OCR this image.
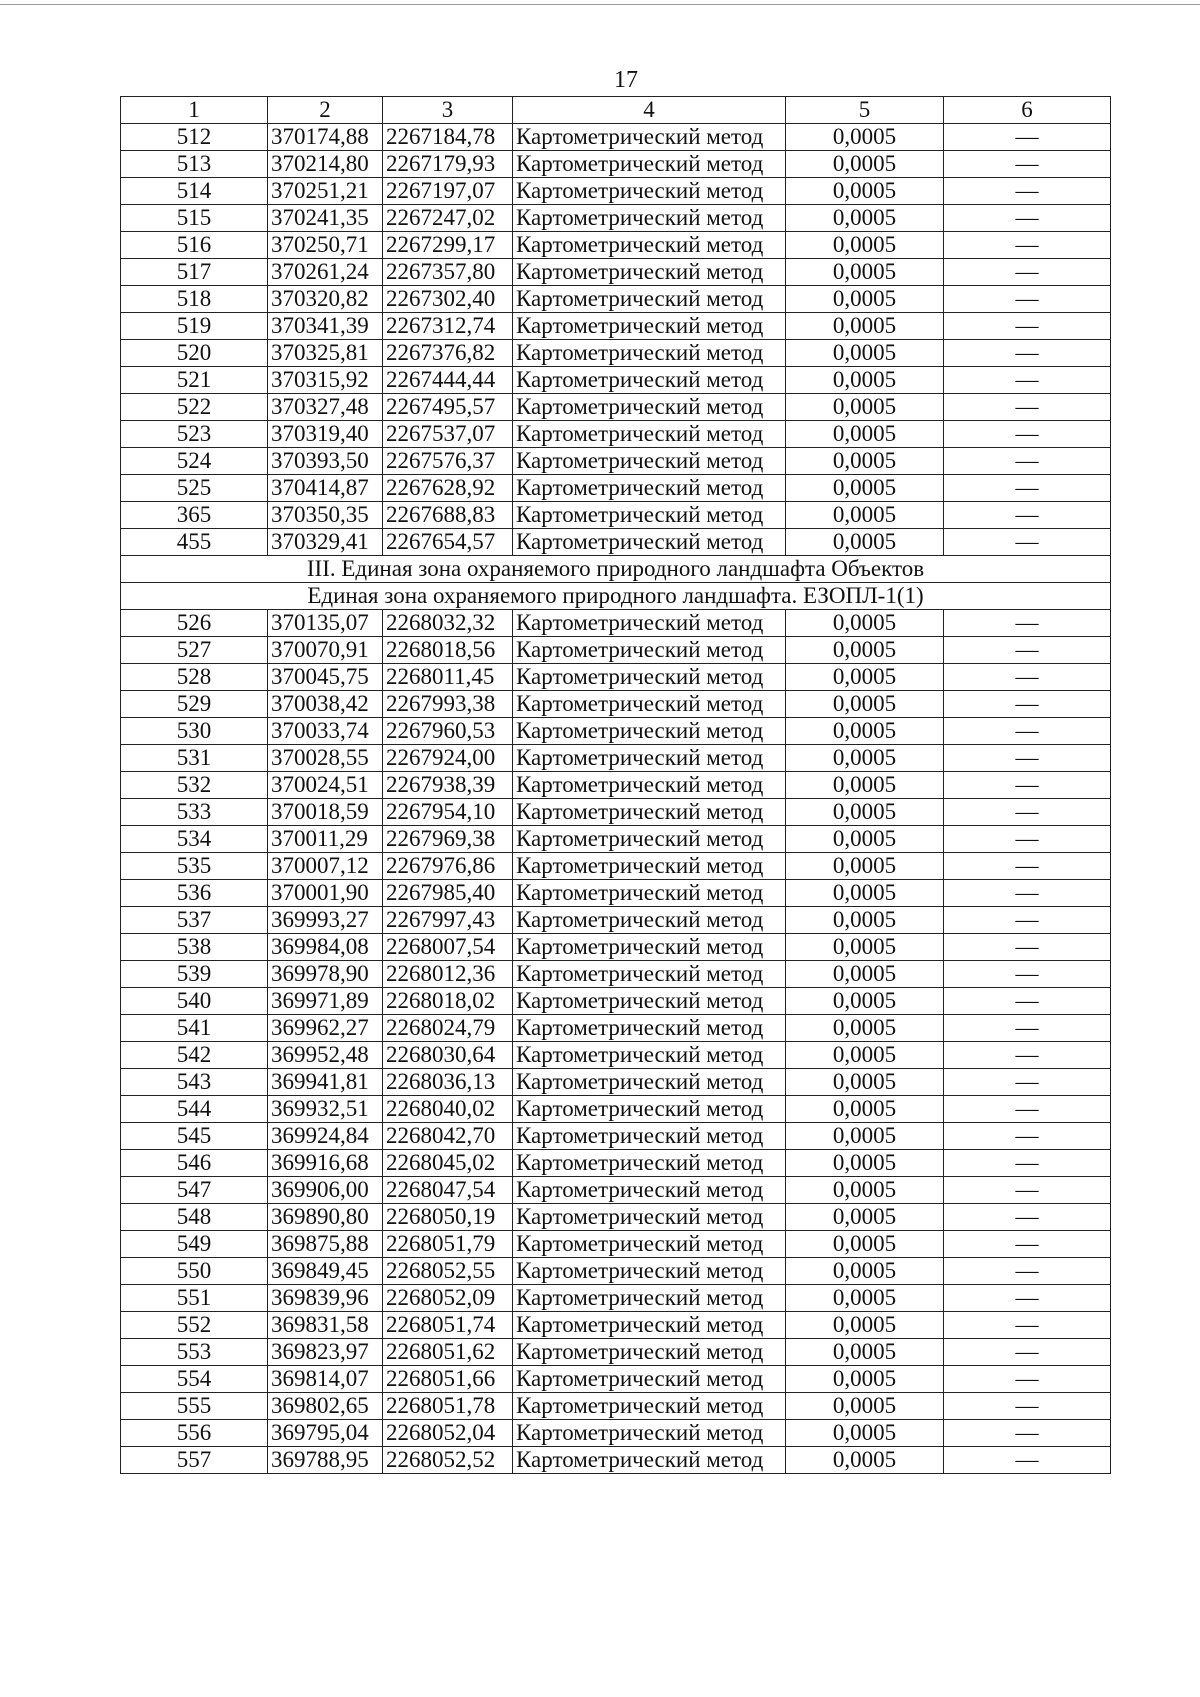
17
1	2	3	4	5	6
512	370174,88	2267184,78	Картометрический метод	0,0005	—
513	370214,80	2267179,93	Картометрический метод	0,0005	—
514	370251,21	2267197,07	Картометрический метод	0,0005	—
515	370241,35	2267247,02	Картометрический метод	0,0005	—
516	370250,71	2267299,17	Картометрический метод	0,0005	—
517	370261,24	2267357,80	Картометрический метод	0,0005	—
518	370320,82	2267302,40	Картометрический метод	0,0005	—
519	370341,39	2267312,74	Картометрический метод	0,0005	—
520	370325,81	2267376,82	Картометрический метод	0,0005	—
521	370315,92	2267444,44	Картометрический метод	0,0005	—
522	370327,48	2267495,57	Картометрический метод	0,0005	—
523	370319,40	2267537,07	Картометрический метод	0,0005	—
524	370393,50	2267576,37	Картометрический метод	0,0005	—
525	370414,87	2267628,92	Картометрический метод	0,0005	—
365	370350,35	2267688,83	Картометрический метод	0,0005	—
455	370329,41	2267654,57	Картометрический метод	0,0005	—
III. Единая зона охраняемого природного ландшафта Объектов					
Единая зона охраняемого природного ландшафта. ЕЗОПЛ-1(1)					
526	370135,07	2268032,32	Картометрический метод	0,0005	—
527	370070,91	2268018,56	Картометрический метод	0,0005	—
528	370045,75	2268011,45	Картометрический метод	0,0005	—
529	370038,42	2267993,38	Картометрический метод	0,0005	—
530	370033,74	2267960,53	Картометрический метод	0,0005	—
531	370028,55	2267924,00	Картометрический метод	0,0005	—
532	370024,51	2267938,39	Картометрический метод	0,0005	—
533	370018,59	2267954,10	Картометрический метод	0,0005	—
534	370011,29	2267969,38	Картометрический метод	0,0005	—
535	370007,12	2267976,86	Картометрический метод	0,0005	—
536	370001,90	2267985,40	Картометрический метод	0,0005	—
537	369993,27	2267997,43	Картометрический метод	0,0005	—
538	369984,08	2268007,54	Картометрический метод	0,0005	—
539	369978,90	2268012,36	Картометрический метод	0,0005	—
540	369971,89	2268018,02	Картометрический метод	0,0005	—
541	369962,27	2268024,79	Картометрический метод	0,0005	—
542	369952,48	2268030,64	Картометрический метод	0,0005	—
543	369941,81	2268036,13	Картометрический метод	0,0005	—
544	369932,51	2268040,02	Картометрический метод	0,0005	—
545	369924,84	2268042,70	Картометрический метод	0,0005	—
546	369916,68	2268045,02	Картометрический метод	0,0005	—
547	369906,00	2268047,54	Картометрический метод	0,0005	—
548	369890,80	2268050,19	Картометрический метод	0,0005	—
549	369875,88	2268051,79	Картометрический метод	0,0005	—
550	369849,45	2268052,55	Картометрический метод	0,0005	—
551	369839,96	2268052,09	Картометрический метод	0,0005	—
552	369831,58	2268051,74	Картометрический метод	0,0005	—
553	369823,97	2268051,62	Картометрический метод	0,0005	—
554	369814,07	2268051,66	Картометрический метод	0,0005	—
555	369802,65	2268051,78	Картометрический метод	0,0005	—
556	369795,04	2268052,04	Картометрический метод	0,0005	—
557	369788,95	2268052,52	Картометрический метод	0,0005	—
